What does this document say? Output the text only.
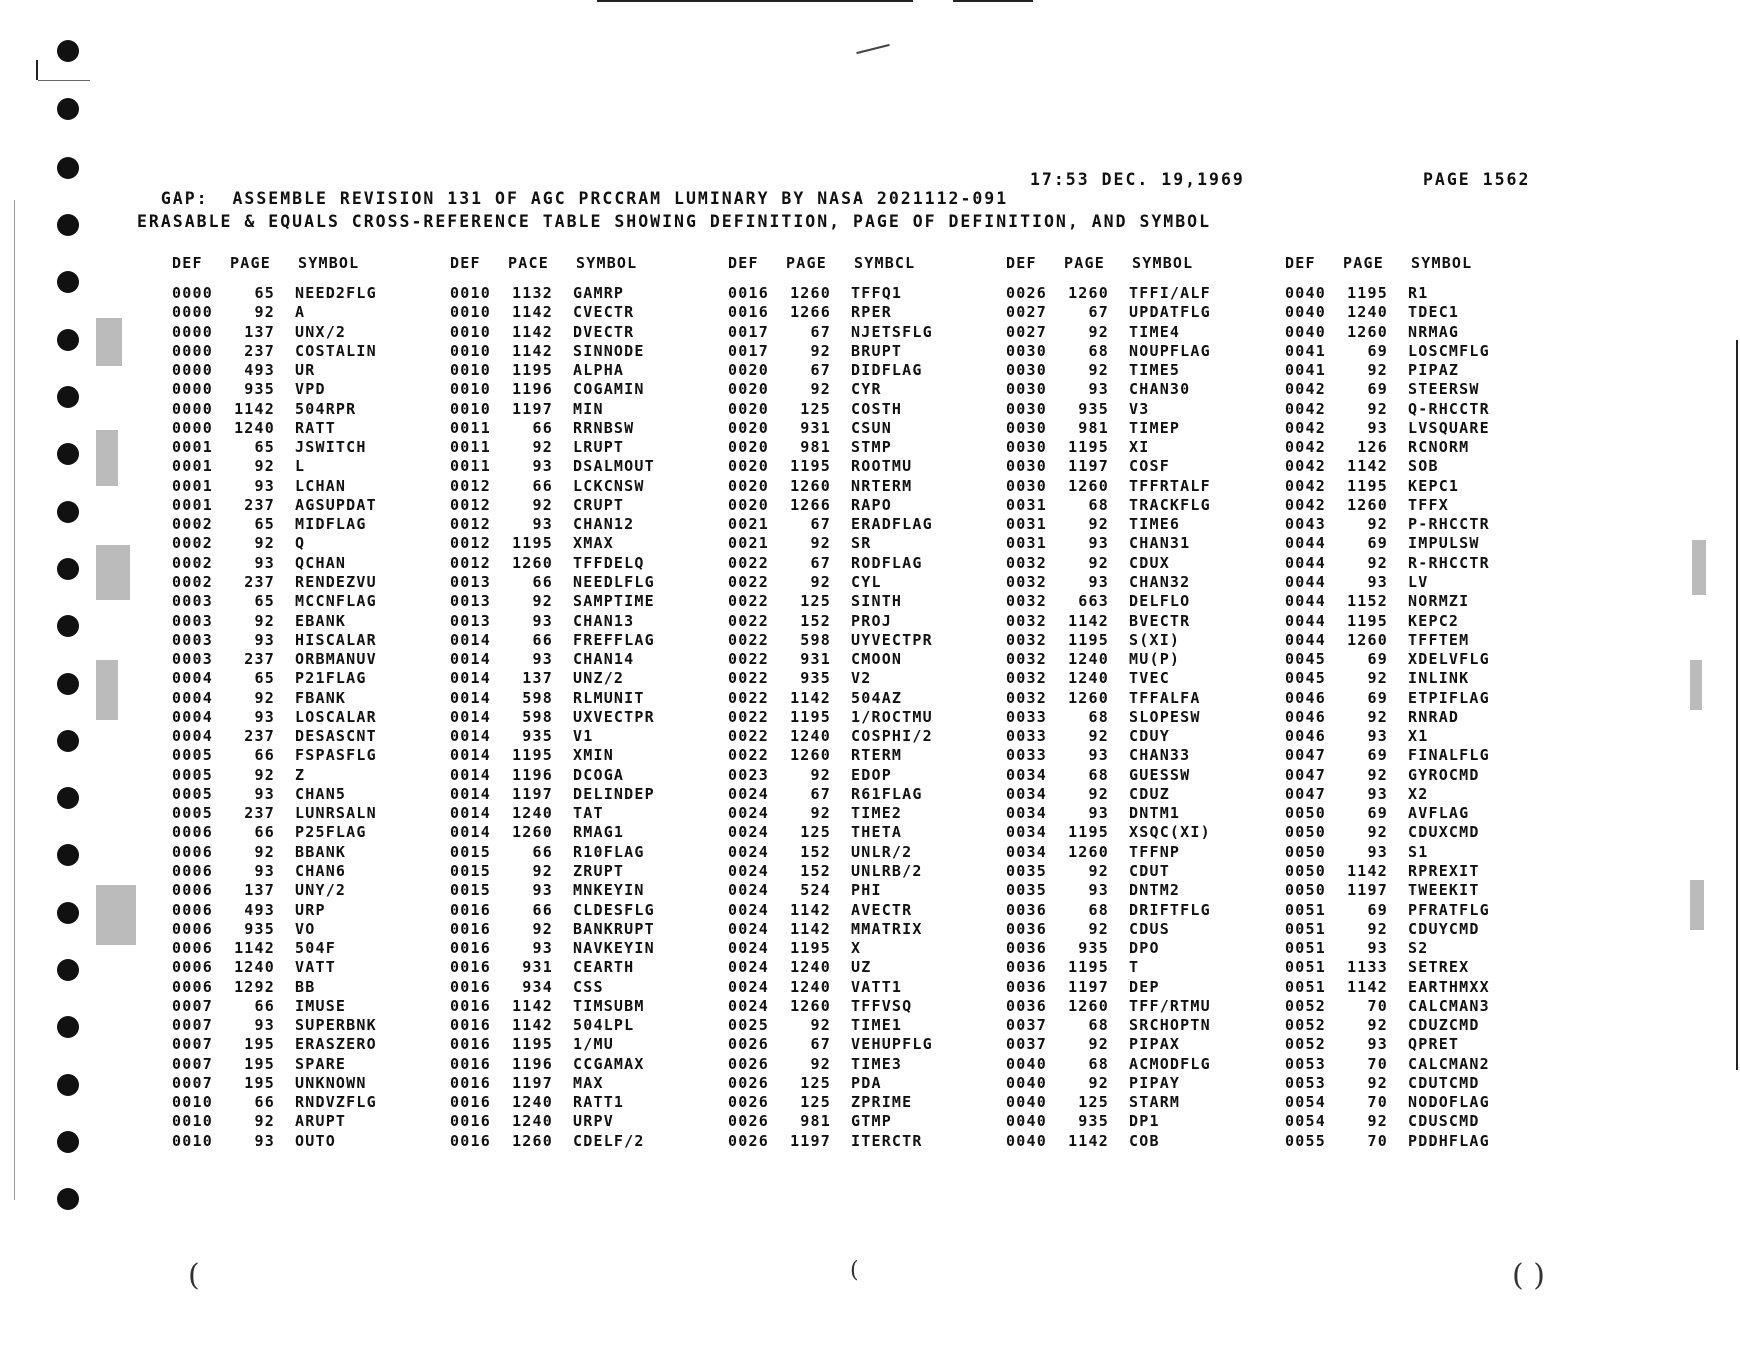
GAP:  ASSEMBLE REVISION 131 OF AGC PRCCRAM LUMINARY BY NASA 2021112-091

17:53 DEC. 19,1969

	PAGE 1562

ERASABLE & EQUALS CROSS-REFERENCE TABLE SHOWING DEFINITION, PAGE OF DEFINITION, AND SYMBOL
DEF	PAGE	SYMBOL
0000	65	NEED2FLG
0000	92	A
0000	137	UNX/2
0000	237	COSTALIN
0000	493	UR
0000	935	VPD
0000	1142	504RPR
0000	1240	RATT
0001	65	JSWITCH
0001	92	L
0001	93	LCHAN
0001	237	AGSUPDAT
0002	65	MIDFLAG
0002	92	Q
0002	93	QCHAN
0002	237	RENDEZVU
0003	65	MCCNFLAG
0003	92	EBANK
0003	93	HISCALAR
0003	237	ORBMANUV
0004	65	P21FLAG
0004	92	FBANK
0004	93	LOSCALAR
0004	237	DESASCNT
0005	66	FSPASFLG
0005	92	Z
0005	93	CHAN5
0005	237	LUNRSALN
0006	66	P25FLAG
0006	92	BBANK
0006	93	CHAN6
0006	137	UNY/2
0006	493	URP
0006	935	VO
0006	1142	504F
0006	1240	VATT
0006	1292	BB
0007	66	IMUSE
0007	93	SUPERBNK
0007	195	ERASZERO
0007	195	SPARE
0007	195	UNKNOWN
0010	66	RNDVZFLG
0010	92	ARUPT
0010	93	OUTO
DEF	PACE	SYMBOL
0010	1132	GAMRP
0010	1142	CVECTR
0010	1142	DVECTR
0010	1142	SINNODE
0010	1195	ALPHA
0010	1196	COGAMIN
0010	1197	MIN
0011	66	RRNBSW
0011	92	LRUPT
0011	93	DSALMOUT
0012	66	LCKCNSW
0012	92	CRUPT
0012	93	CHAN12
0012	1195	XMAX
0012	1260	TFFDELQ
0013	66	NEEDLFLG
0013	92	SAMPTIME
0013	93	CHAN13
0014	66	FREFFLAG
0014	93	CHAN14
0014	137	UNZ/2
0014	598	RLMUNIT
0014	598	UXVECTPR
0014	935	V1
0014	1195	XMIN
0014	1196	DCOGA
0014	1197	DELINDEP
0014	1240	TAT
0014	1260	RMAG1
0015	66	R10FLAG
0015	92	ZRUPT
0015	93	MNKEYIN
0016	66	CLDESFLG
0016	92	BANKRUPT
0016	93	NAVKEYIN
0016	931	CEARTH
0016	934	CSS
0016	1142	TIMSUBM
0016	1142	504LPL
0016	1195	1/MU
0016	1196	CCGAMAX
0016	1197	MAX
0016	1240	RATT1
0016	1240	URPV
0016	1260	CDELF/2
DEF	PAGE	SYMBCL
0016	1260	TFFQ1
0016	1266	RPER
0017	67	NJETSFLG
0017	92	BRUPT
0020	67	DIDFLAG
0020	92	CYR
0020	125	COSTH
0020	931	CSUN
0020	981	STMP
0020	1195	ROOTMU
0020	1260	NRTERM
0020	1266	RAPO
0021	67	ERADFLAG
0021	92	SR
0022	67	RODFLAG
0022	92	CYL
0022	125	SINTH
0022	152	PROJ
0022	598	UYVECTPR
0022	931	CMOON
0022	935	V2
0022	1142	504AZ
0022	1195	1/ROCTMU
0022	1240	COSPHI/2
0022	1260	RTERM
0023	92	EDOP
0024	67	R61FLAG
0024	92	TIME2
0024	125	THETA
0024	152	UNLR/2
0024	152	UNLRB/2
0024	524	PHI
0024	1142	AVECTR
0024	1142	MMATRIX
0024	1195	X
0024	1240	UZ
0024	1240	VATT1
0024	1260	TFFVSQ
0025	92	TIME1
0026	67	VEHUPFLG
0026	92	TIME3
0026	125	PDA
0026	125	ZPRIME
0026	981	GTMP
0026	1197	ITERCTR
DEF	PAGE	SYMBOL
0026	1260	TFFI/ALF
0027	67	UPDATFLG
0027	92	TIME4
0030	68	NOUPFLAG
0030	92	TIME5
0030	93	CHAN30
0030	935	V3
0030	981	TIMEP
0030	1195	XI
0030	1197	COSF
0030	1260	TFFRTALF
0031	68	TRACKFLG
0031	92	TIME6
0031	93	CHAN31
0032	92	CDUX
0032	93	CHAN32
0032	663	DELFLO
0032	1142	BVECTR
0032	1195	S(XI)
0032	1240	MU(P)
0032	1240	TVEC
0032	1260	TFFALFA
0033	68	SLOPESW
0033	92	CDUY
0033	93	CHAN33
0034	68	GUESSW
0034	92	CDUZ
0034	93	DNTM1
0034	1195	XSQC(XI)
0034	1260	TFFNP
0035	92	CDUT
0035	93	DNTM2
0036	68	DRIFTFLG
0036	92	CDUS
0036	935	DPO
0036	1195	T
0036	1197	DEP
0036	1260	TFF/RTMU
0037	68	SRCHOPTN
0037	92	PIPAX
0040	68	ACMODFLG
0040	92	PIPAY
0040	125	STARM
0040	935	DP1
0040	1142	COB
DEF	PAGE	SYMBOL
0040	1195	R1
0040	1240	TDEC1
0040	1260	NRMAG
0041	69	LOSCMFLG
0041	92	PIPAZ
0042	69	STEERSW
0042	92	Q-RHCCTR
0042	93	LVSQUARE
0042	126	RCNORM
0042	1142	SOB
0042	1195	KEPC1
0042	1260	TFFX
0043	92	P-RHCCTR
0044	69	IMPULSW
0044	92	R-RHCCTR
0044	93	LV
0044	1152	NORMZI
0044	1195	KEPC2
0044	1260	TFFTEM
0045	69	XDELVFLG
0045	92	INLINK
0046	69	ETPIFLAG
0046	92	RNRAD
0046	93	X1
0047	69	FINALFLG
0047	92	GYROCMD
0047	93	X2
0050	69	AVFLAG
0050	92	CDUXCMD
0050	93	S1
0050	1142	RPREXIT
0050	1197	TWEEKIT
0051	69	PFRATFLG
0051	92	CDUYCMD
0051	93	S2
0051	1133	SETREX
0051	1142	EARTHMXX
0052	70	CALCMAN3
0052	92	CDUZCMD
0052	93	QPRET
0053	70	CALCMAN2
0053	92	CDUTCMD
0054	70	NODOFLAG
0054	92	CDUSCMD
0055	70	PDDHFLAG
(	(	( )
